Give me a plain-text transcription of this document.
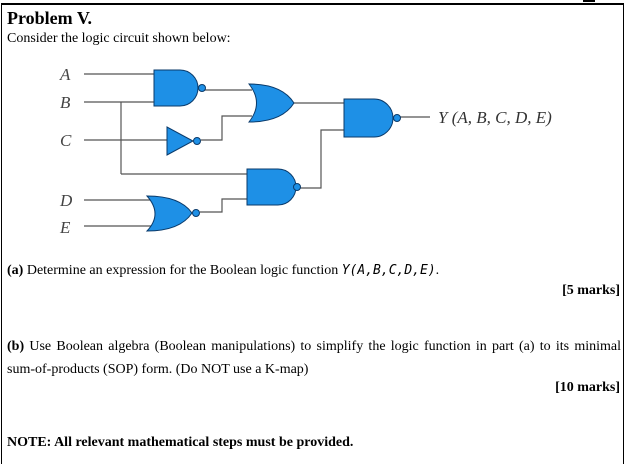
Problem V.
Consider the logic circuit shown below:
A
B
C
D
E
Y (A, B, C, D, E)
(a) Determine an expression for the Boolean logic function Y(A,B,C,D,E).
[5 marks]
(b) Use Boolean algebra (Boolean manipulations) to simplify the logic function in part (a) to its minimal sum-of-products (SOP) form. (Do NOT use a K-map)
[10 marks]
NOTE: All relevant mathematical steps must be provided.
